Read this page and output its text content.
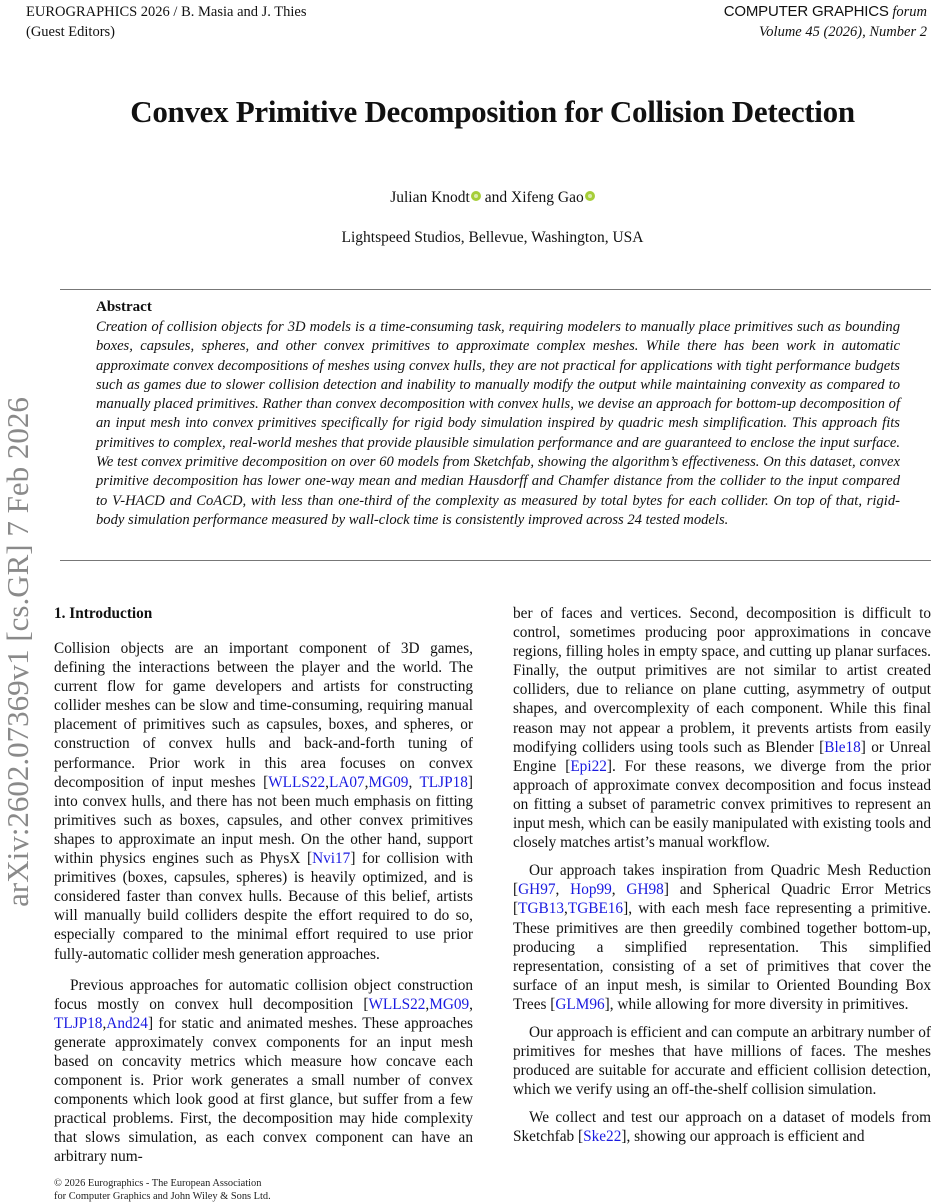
EUROGRAPHICS 2026 / B. Masia and J. Thies
(Guest Editors)
COMPUTER GRAPHICS forum
Volume 45 (2026), Number 2
arXiv:2602.07369v1 [cs.GR] 7 Feb 2026
Convex Primitive Decomposition for Collision Detection
Julian Knodt and Xifeng Gao
Lightspeed Studios, Bellevue, Washington, USA
Abstract

Creation of collision objects for 3D models is a time-consuming task, requiring modelers to manually place primitives such as bounding boxes, capsules, spheres, and other convex primitives to approximate complex meshes. While there has been work in automatic approximate convex decompositions of meshes using convex hulls, they are not practical for applications with tight performance budgets such as games due to slower collision detection and inability to manually modify the output while maintaining convexity as compared to manually placed primitives. Rather than convex decomposition with convex hulls, we devise an approach for bottom-up decomposition of an input mesh into convex primitives specifically for rigid body simulation inspired by quadric mesh simplification. This approach fits primitives to complex, real-world meshes that provide plausible simulation performance and are guaranteed to enclose the input surface. We test convex primitive decomposition on over 60 models from Sketchfab, showing the algorithm’s effectiveness. On this dataset, convex primitive decomposition has lower one-way mean and median Hausdorff and Chamfer distance from the collider to the input compared to V-HACD and CoACD, with less than one-third of the complexity as measured by total bytes for each collider. On top of that, rigid-body simulation performance measured by wall-clock time is consistently improved across 24 tested models.

1. Introduction

Collision objects are an important component of 3D games, defining the interactions between the player and the world. The current flow for game developers and artists for constructing collider meshes can be slow and time-consuming, requiring manual placement of primitives such as capsules, boxes, and spheres, or construction of convex hulls and back-and-forth tuning of performance. Prior work in this area focuses on convex decomposition of input meshes [WLLS22,LA07,MG09, TLJP18] into convex hulls, and there has not been much emphasis on fitting primitives such as boxes, capsules, and other convex primitives shapes to approximate an input mesh. On the other hand, support within physics engines such as PhysX [Nvi17] for collision with primitives (boxes, capsules, spheres) is heavily optimized, and is considered faster than convex hulls. Because of this belief, artists will manually build colliders despite the effort required to do so, especially compared to the minimal effort required to use prior fully-automatic collider mesh generation approaches.

Previous approaches for automatic collision object construction focus mostly on convex hull decomposition [WLLS22,MG09, TLJP18,And24] for static and animated meshes. These approaches generate approximately convex components for an input mesh based on concavity metrics which measure how concave each component is. Prior work generates a small number of convex components which look good at first glance, but suffer from a few practical problems. First, the decomposition may hide complexity that slows simulation, as each convex component can have an arbitrary num-

ber of faces and vertices. Second, decomposition is difficult to control, sometimes producing poor approximations in concave regions, filling holes in empty space, and cutting up planar surfaces. Finally, the output primitives are not similar to artist created colliders, due to reliance on plane cutting, asymmetry of output shapes, and overcomplexity of each component. While this final reason may not appear a problem, it prevents artists from easily modifying colliders using tools such as Blender [Ble18] or Unreal Engine [Epi22]. For these reasons, we diverge from the prior approach of approximate convex decomposition and focus instead on fitting a subset of parametric convex primitives to represent an input mesh, which can be easily manipulated with existing tools and closely matches artist’s manual workflow.

Our approach takes inspiration from Quadric Mesh Reduction [GH97, Hop99, GH98] and Spherical Quadric Error Metrics [TGB13,TGBE16], with each mesh face representing a primitive. These primitives are then greedily combined together bottom-up, producing a simplified representation. This simplified representation, consisting of a set of primitives that cover the surface of an input mesh, is similar to Oriented Bounding Box Trees [GLM96], while allowing for more diversity in primitives.

Our approach is efficient and can compute an arbitrary number of primitives for meshes that have millions of faces. The meshes produced are suitable for accurate and efficient collision detection, which we verify using an off-the-shelf collision simulation.

We collect and test our approach on a dataset of models from Sketchfab [Ske22], showing our approach is efficient and

© 2026 Eurographics - The European Association
for Computer Graphics and John Wiley & Sons Ltd.
